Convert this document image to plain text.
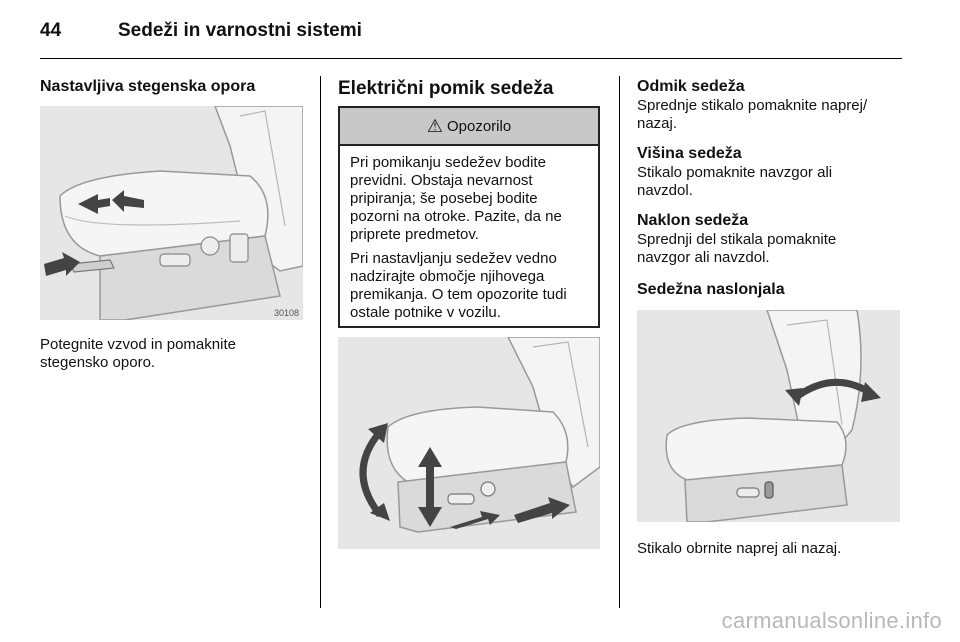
44	Sedeži in varnostni sistemi
Nastavljiva stegenska opora
30108
Potegnite vzvod in pomaknite
stegensko oporo.
Električni pomik sedeža
⚠ Opozorilo

Pri pomikanju sedežev bodite
previdni. Obstaja nevarnost
pripiranja; še posebej bodite
pozorni na otroke. Pazite, da ne
priprete predmetov.

Pri nastavljanju sedežev vedno
nadzirajte območje njihovega
premikanja. O tem opozorite tudi
ostale potnike v vozilu.

Odmik sedeža
Sprednje stikalo pomaknite naprej/
nazaj.
Višina sedeža
Stikalo pomaknite navzgor ali
navzdol.
Naklon sedeža
Sprednji del stikala pomaknite
navzgor ali navzdol.
Sedežna naslonjala
Stikalo obrnite naprej ali nazaj.
carmanualsonline.info
